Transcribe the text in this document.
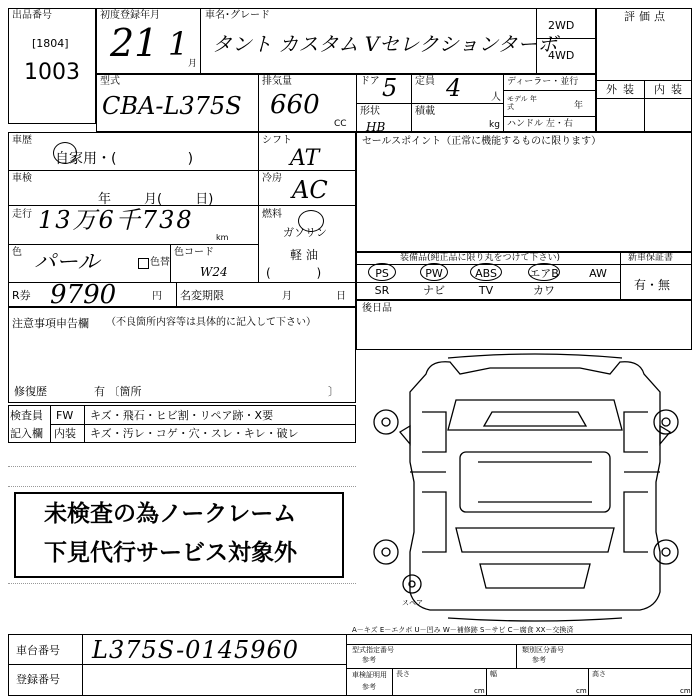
出品番号
[1804]
1003
初度登録年月
21 1
月
車名･グレード
タント カスタム Vセレクションターボ
2WD
4WD
評価点
外装 内装
型式
CBA-L375S
排気量
660
CC
ドア 5 定員 4	人
形状
HB
積載
kg
ディーラー・並行
モデル 年式	年
ハンドル 左・右
車歴
自家用・(                )
シフト
AT
車検
年        月(        日)
冷房 AC
走行 13万6千738
km
燃料
ガソリン
軽 油
(            )
色 パール	色替
色コード
W24
R券 9790	円 名変期限	月	日
セールスポイント（正常に機能するものに限ります）
装備品(純正品に限り丸をつけて下さい)	新車保証書
有・無
PS	PW	ABS	エアB	AW
SR	ナビ	TV	カワ
後日品
注意事項申告欄 （不良箇所内容等は具体的に記入して下さい）
修復歴	有 〔箇所	〕
検査員
記入欄
FW キズ・飛石・ヒビ割・リペア跡・X要
内装 キズ・汚レ・コゲ・穴・スレ・キレ・破レ
未検査の為ノークレーム
下見代行サービス対象外
スペア
車台番号 L375S-0145960
登録番号
A－キズ E－エクボ U－凹み W－補修跡 S－サビ C－腐食 XX－交換済
型式指定番号
参考
類別区分番号
参考
車検証明用
参考
長さ
cm
幅
cm
高さ
cm
